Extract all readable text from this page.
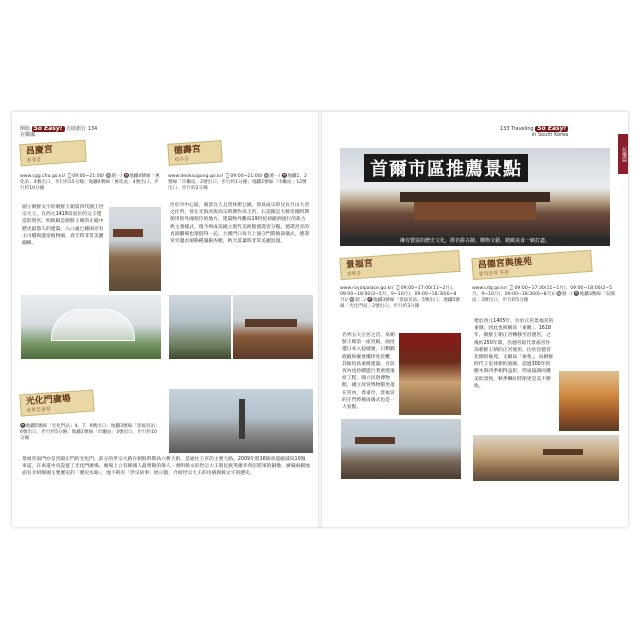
開始 So Easy! 自助旅行 134
在韓國
昌慶宮
창경궁
www.cgg.cha.go.kr/ ⌚09:00~21:00/ 🔘週一/ 🚇地鐵4號線「惠化站」4號出口，步行約15分鐘；地鐵4號線「惠化站」4號出口，步行約10分鐘
創立朝鮮文字的朝鮮王朝第四代國王世宗大王，在西元1418爲退位的父王建造的別宮，明政殿是朝鮮王朝的正殿中歷史最悠久的建築，入口處已種兩旁有玉川橋與溫室植物園，春天時非常美麗細緻。
德壽宮
덕수궁
www.deoksugung.go.kr/ ⌚09:00~21:00/ 🔘週一/ 🚇地鐵1、2號線「市廳站」2號出口，步行約1分鐘；地鐵2號線「市廳站」12號出口，步行約2分鐘
位於市中心區，風景宜人且常休憩公園，原爲成宗的兄長月山大君之住所，曾在光海君與高宗時期作爲王宮，石造殿是大韓帝國時期使用的外國使臣的地方，建築物外觀爲19世紀初歐洲流行的新古典主義樣式，現今則成爲國立現代美術館德壽宮分館。德壽宮旁的貞洞劇場也很值得一訪，大漢門口每天上演守門將換崗儀式，德壽宮旁邊貞洞路種滿銀杏樹，秋天落葉時非常美麗浪漫。
光化門廣場
광화문광장
🚇地鐵5號線「光化門站」4、7、9號出口；地鐵3號線「景福宮站」6號出口，步行約5分鐘；地鐵1號線「市廳站」3號出口，步行約10分鐘
景福宮南門亦是宮殿正門的光化門，前方的世宗大路在朝鮮時期爲六曹大街，是通往王宮的主要大路。2009年將16個車道縮減爲10個車道，在車道中央設置了光化門廣場，廣場上立有韓國人最尊敬的偉人－發明韓文的世宗大王與民族英雄李舜臣將軍的銅像。廣場兩側地面有介紹韓國主要歷史的「歷史水路」，地下則有「世宗故事」展示館，介紹世宗大王的功績與韓文字的歷史。
133 Traveling So Easy!
in South Korea
玩樂篇
首爾市區推薦景點
擁有豐富的歷史文化，將名勝古蹟、購物文藝、精緻美食一網打盡。
景福宮
경복궁
www.royalpalace.go.kr/ ⌚09:00~17:00(11~2月)、09:00~18:00(3~5月、9~10月)、09:00~18:30(6~8月)/ 🔘週二/ 🚇地鐵3號線「景福宮站」5號出口；地鐵5號線「光化門站」2號出口，步行約3分鐘
名列五大古宮之首，爲朝鮮王朝第一座宮殿，兩度遭日本入侵破壞，只剩勤政殿和慶會樓倖免於難，其餘均爲重修建築，目前宮內也持續進行著重建復原工程，國立民俗博物館、國立故宮博物館坐落在宮內，香遠亭，景福宮的守門將換崗儀式也是一大看點。
昌德宮與後苑
창덕궁과 후원
www.cdg.go.kr/ ⌚09:00~17:30(11~1月)、09:00~18:00(2~5月、9~10月)、09:00~18:30(6~8月)/ 🔘週一/ 🚇地鐵3號線「安國站」3號出口，步行約5分鐘
建於西元1405年，位於正宮景福宮的東側，因此也被稱爲「東闕」。1618年，朝鮮王朝正宮轉移至昌德宮，之後約250年間，昌德宮取代景福宮作爲朝鮮王朝的正宮使用。位於昌德宮北側的後苑，又稱爲「祕苑」，爲朝鮮時代王室休憩的庭園，超過300年的樹木與四季相得益彰，形成協調而優美的景致，秋季楓紅時節更是美不勝收。
